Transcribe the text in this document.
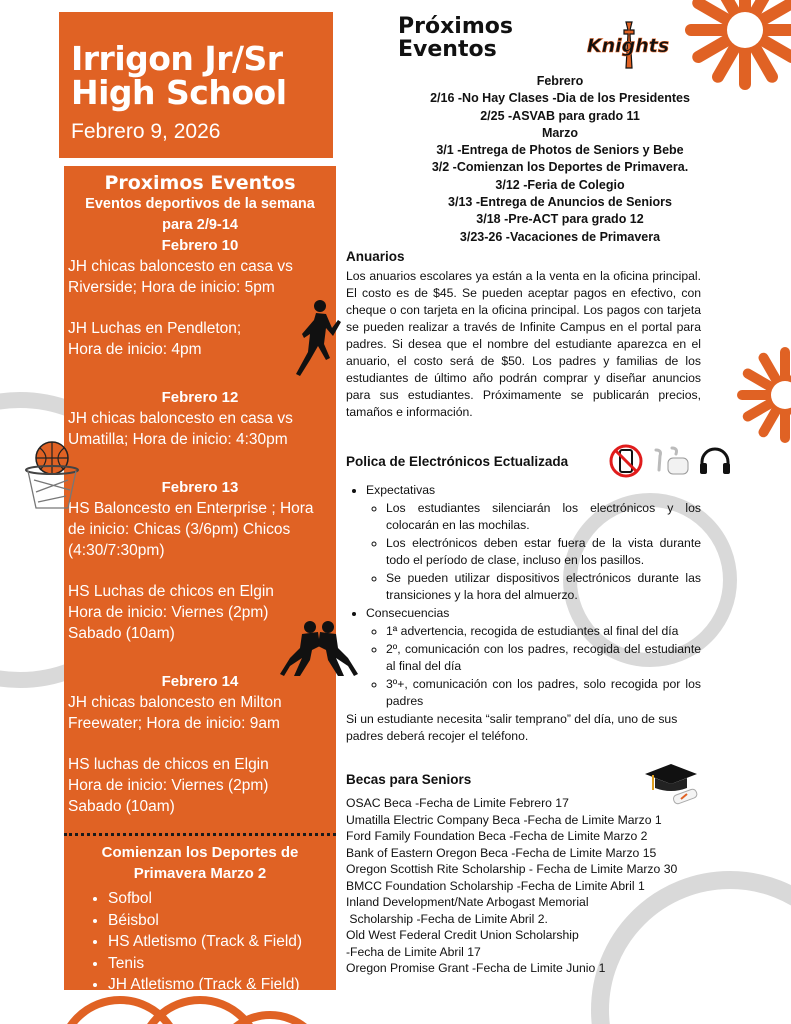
Irrigon Jr/Sr High School
Febrero 9, 2026
Proximos Eventos
Eventos deportivos de la semana para 2/9-14
Febrero 10
JH chicas baloncesto en casa vs Riverside; Hora de inicio: 5pm
JH Luchas en Pendleton;
Hora de inicio: 4pm
Febrero 12
JH chicas baloncesto en casa vs Umatilla; Hora de inicio: 4:30pm
Febrero 13
HS Baloncesto en Enterprise ; Hora de inicio: Chicas (3/6pm) Chicos (4:30/7:30pm)
HS Luchas de chicos en Elgin
Hora de inicio: Viernes (2pm)
Sabado (10am)
Febrero 14
JH chicas baloncesto en Milton Freewater; Hora de inicio: 9am
HS luchas de chicos en Elgin
Hora de inicio: Viernes (2pm)
Sabado (10am)
Comienzan los Deportes de Primavera Marzo 2
• Sofbol
• Béisbol
• HS Atletismo (Track & Field)
• Tenis
• JH Atletismo (Track & Field)
Próximos Eventos	Knights
Febrero
2/16 -No Hay Clases -Dia de los Presidentes
2/25 -ASVAB para grado 11
Marzo
3/1 -Entrega de Photos de Seniors y Bebe
3/2 -Comienzan los Deportes de Primavera.
3/12 -Feria de Colegio
3/13 -Entrega de Anuncios de Seniors
3/18 -Pre-ACT para grado 12
3/23-26 -Vacaciones de Primavera
Anuarios

Los anuarios escolares ya están a la venta en la oficina principal. El costo es de $45. Se pueden aceptar pagos en efectivo, con cheque o con tarjeta en la oficina principal. Los pagos con tarjeta se pueden realizar a través de Infinite Campus en el portal para padres. Si desea que el nombre del estudiante aparezca en el anuario, el costo será de $50. Los padres y familias de los estudiantes de último año podrán comprar y diseñar anuncios para sus estudiantes. Próximamente se publicarán precios, tamaños e información.

Polica de Electrónicos Ectualizada
• Expectativas
◦ Los estudiantes silenciarán los electrónicos y los colocarán en las mochilas.
◦ Los electrónicos deben estar fuera de la vista durante todo el período de clase, incluso en los pasillos.
◦ Se pueden utilizar dispositivos electrónicos durante las transiciones y la hora del almuerzo.
• Consecuencias
◦ 1ª advertencia, recogida de estudiantes al final del día
◦ 2º, comunicación con los padres, recogida del estudiante al final del día
◦ 3º+, comunicación con los padres, solo recogida por los padres

Si un estudiante necesita “salir temprano” del día, uno de sus padres deberá recojer el teléfono.

Becas para Seniors
OSAC Beca -Fecha de Limite Febrero 17
Umatilla Electric Company Beca -Fecha de Limite Marzo 1
Ford Family Foundation Beca -Fecha de Limite Marzo 2
Bank of Eastern Oregon Beca -Fecha de Limite Marzo 15
Oregon Scottish Rite Scholarship - Fecha de Limite Marzo 30
BMCC Foundation Scholarship -Fecha de Limite Abril 1
Inland Development/Nate Arbogast Memorial
Scholarship -Fecha de Limite Abril 2.
Old West Federal Credit Union Scholarship
-Fecha de Limite Abril 17
Oregon Promise Grant -Fecha de Limite Junio 1
